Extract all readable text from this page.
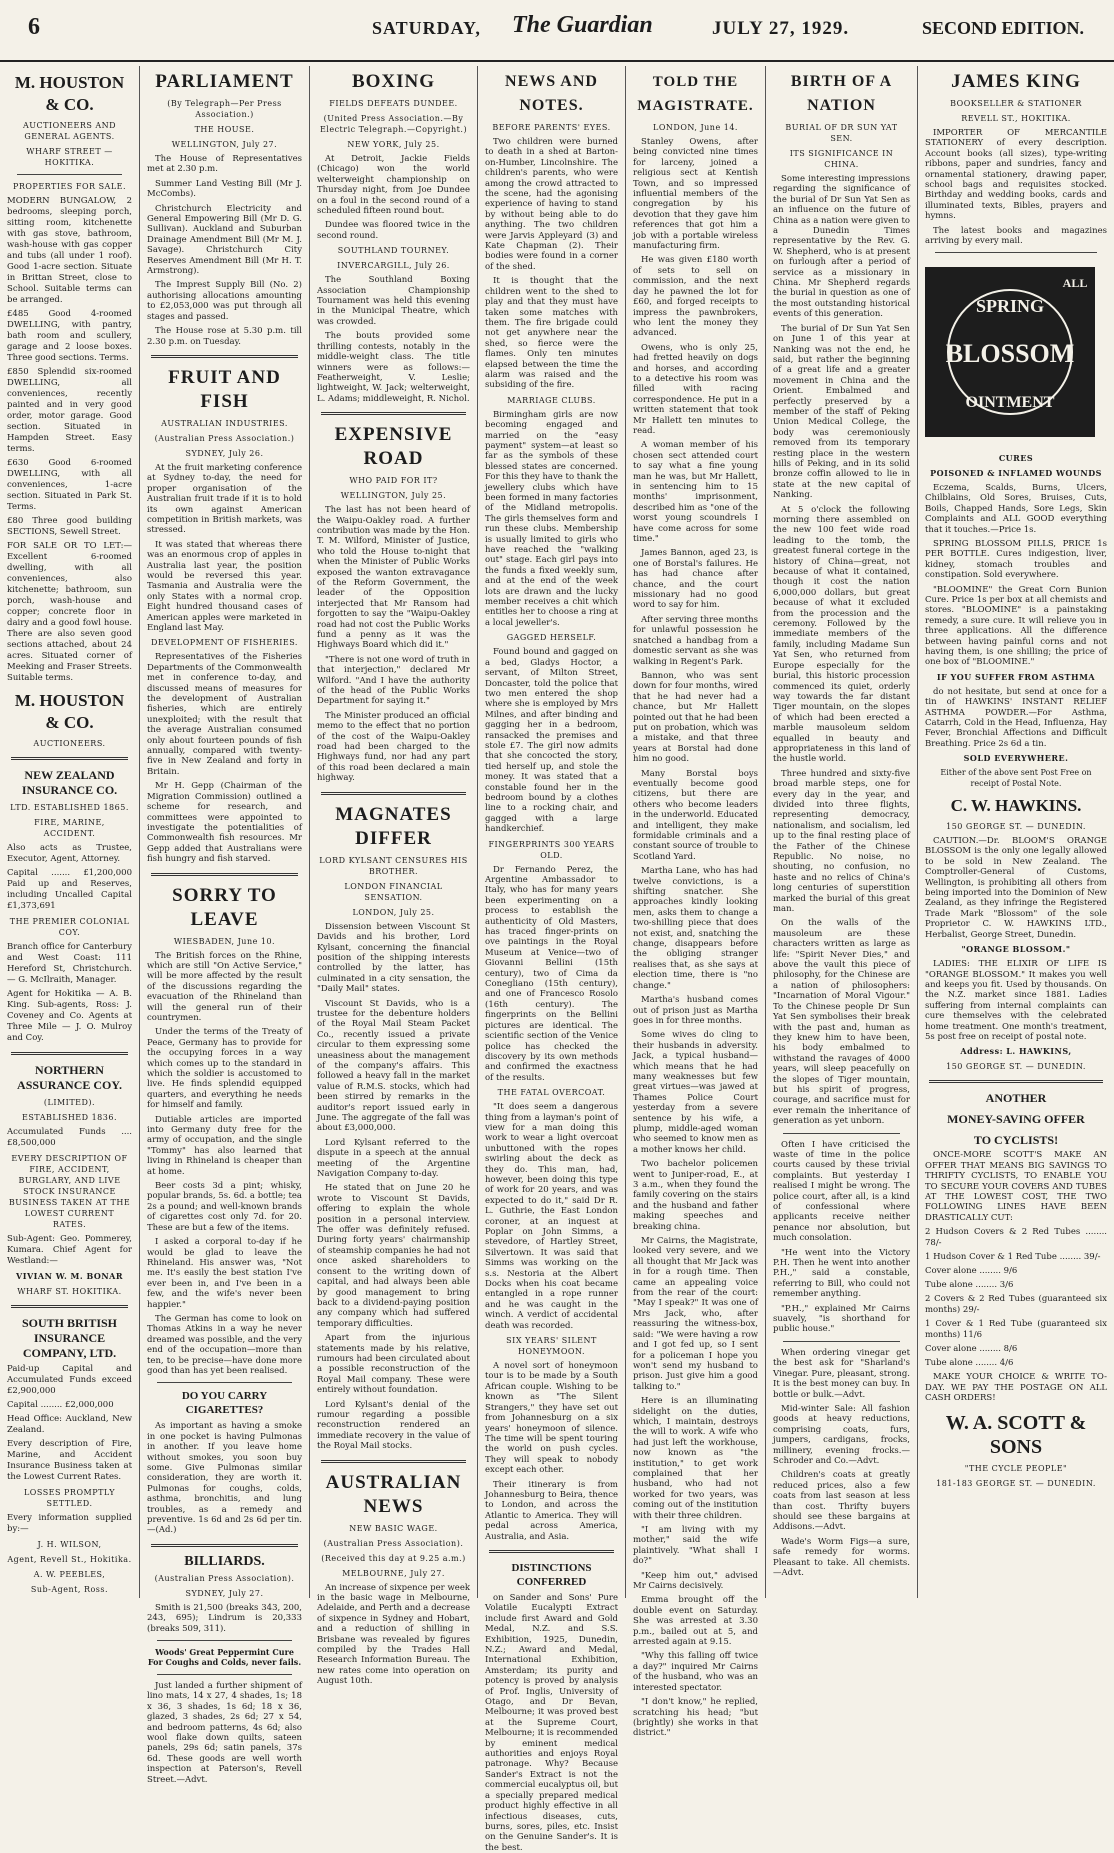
6	SATURDAY, The Guardian	JULY 27, 1929.	SECOND EDITION.
M. HOUSTON & CO.
AUCTIONEERS AND GENERAL AGENTS.
WHARF STREET — HOKITIKA.
PROPERTIES FOR SALE.
MODERN BUNGALOW, 2 bedrooms, sleeping porch, sitting room, kitchenette with gas stove, bathroom, wash-house with gas copper and tubs (all under 1 roof). Good 1-acre section. Situate in Brittan Street, close to School. Suitable terms can be arranged.
£485 Good 4-roomed DWELLING, with pantry, bath room and scullery, garage and 2 loose boxes. Three good sections. Terms.
£850 Splendid six-roomed DWELLING, all conveniences, recently painted and in very good order, motor garage. Good section. Situated in Hampden Street. Easy terms.
£630 Good 6-roomed DWELLING, with all conveniences, 1-acre section. Situated in Park St. Terms.
£80 Three good building SECTIONS, Sewell Street.
FOR SALE OR TO LET:—Excellent 6-roomed dwelling, with all conveniences, also kitchenette; bathroom, sun porch, wash-house and copper; concrete floor in dairy and a good fowl house. There are also seven good sections attached, about 24 acres. Situated corner of Meeking and Fraser Streets. Suitable terms.
M. HOUSTON & CO.
AUCTIONEERS.
NEW ZEALAND INSURANCE CO.
LTD. ESTABLISHED 1865.
FIRE, MARINE, ACCIDENT.
Also acts as Trustee, Executor, Agent, Attorney.
Capital ....... £1,200,000 Paid up and Reserves, including Uncalled Capital £1,373,691
THE PREMIER COLONIAL COY.
Branch office for Canterbury and West Coast: 111 Hereford St, Christchurch. — G. McIlraith, Manager.
Agent for Hokitika — A. B. King. Sub-agents, Ross: J. Coveney and Co. Agents at Three Mile — J. O. Mulroy and Coy.
NORTHERN ASSURANCE COY.
(LIMITED).
ESTABLISHED 1836.
Accumulated Funds .... £8,500,000
EVERY DESCRIPTION OF FIRE, ACCIDENT, BURGLARY, AND LIVE STOCK INSURANCE BUSINESS TAKEN AT THE LOWEST CURRENT RATES.
Sub-Agent: Geo. Pommerey, Kumara. Chief Agent for Westland:—
VIVIAN W. M. BONAR
WHARF ST. HOKITIKA.
SOUTH BRITISH INSURANCE COMPANY, LTD.
Paid-up Capital and Accumulated Funds exceed £2,900,000
Capital ........ £2,000,000
Head Office: Auckland, New Zealand.
Every description of Fire, Marine, and Accident Insurance Business taken at the Lowest Current Rates.
LOSSES PROMPTLY SETTLED.
Every information supplied by:—
J. H. WILSON,
Agent, Revell St., Hokitika.
A. W. PEEBLES,
Sub-Agent, Ross.
PARLIAMENT
(By Telegraph—Per Press Association.)
THE HOUSE.
WELLINGTON, July 27.

The House of Representatives met at 2.30 p.m.

Summer Land Vesting Bill (Mr J. McCombs).

Christchurch Electricity and General Empowering Bill (Mr D. G. Sullivan). Auckland and Suburban Drainage Amendment Bill (Mr M. J. Savage). Christchurch City Reserves Amendment Bill (Mr H. T. Armstrong).

The Imprest Supply Bill (No. 2) authorising allocations amounting to £2,053,000 was put through all stages and passed.

The House rose at 5.30 p.m. till 2.30 p.m. on Tuesday.

FRUIT AND FISH
AUSTRALIAN INDUSTRIES.
(Australian Press Association.)
SYDNEY, July 26.

At the fruit marketing conference at Sydney to-day, the need for proper organisation of the Australian fruit trade if it is to hold its own against American competition in British markets, was stressed.

It was stated that whereas there was an enormous crop of apples in Australia last year, the position would be reversed this year. Tasmania and Australia were the only States with a normal crop. Eight hundred thousand cases of American apples were marketed in England last May.

DEVELOPMENT OF FISHERIES.

Representatives of the Fisheries Departments of the Commonwealth met in conference to-day, and discussed means of measures for the development of Australian fisheries, which are entirely unexploited; with the result that the average Australian consumed only about fourteen pounds of fish annually, compared with twenty-five in New Zealand and forty in Britain.

Mr H. Gepp (Chairman of the Migration Commission) outlined a scheme for research, and committees were appointed to investigate the potentialities of Commonwealth fish resources. Mr Gepp added that Australians were fish hungry and fish starved.

SORRY TO LEAVE
WIESBADEN, June 10.

The British forces on the Rhine, which are still "On Active Service," will be more affected by the result of the discussions regarding the evacuation of the Rhineland than will the general run of their countrymen.

Under the terms of the Treaty of Peace, Germany has to provide for the occupying forces in a way which comes up to the standard in which the soldier is accustomed to live. He finds splendid equipped quarters, and everything he needs for himself and family.

Dutiable articles are imported into Germany duty free for the army of occupation, and the single "Tommy" has also learned that living in Rhineland is cheaper than at home.

Beer costs 3d a pint; whisky, popular brands, 5s. 6d. a bottle; tea 2s a pound; and well-known brands of cigarettes cost only 7d. for 20. These are but a few of the items.

I asked a corporal to-day if he would be glad to leave the Rhineland. His answer was, "Not me. It's easily the best station I've ever been in, and I've been in a few, and the wife's never been happier."

The German has come to look on Thomas Atkins in a way he never dreamed was possible, and the very end of the occupation—more than ten, to be precise—have done more good than has yet been realised.

DO YOU CARRY CIGARETTES?

As important as having a smoke in one pocket is having Pulmonas in another. If you leave home without smokes, you soon buy some. Give Pulmonas similar consideration, they are worth it. Pulmonas for coughs, colds, asthma, bronchitis, and lung troubles, as a remedy and preventive. 1s 6d and 2s 6d per tin.—(Ad.)

BILLIARDS.
(Australian Press Association).
SYDNEY, July 27.

Smith is 21,500 (breaks 343, 200, 243, 695); Lindrum is 20,333 (breaks 509, 311).

Woods' Great Peppermint Cure For Coughs and Colds, never fails.

Just landed a further shipment of lino mats, 14 x 27, 4 shades, 1s; 18 x 36, 3 shades, 1s 6d; 18 x 36, glazed, 3 shades, 2s 6d; 27 x 54, and bedroom patterns, 4s 6d; also wool flake down quilts, sateen panels, 29s 6d; satin panels, 37s 6d. These goods are well worth inspection at Paterson's, Revell Street.—Advt.

BOXING
FIELDS DEFEATS DUNDEE.
(United Press Association.—By Electric Telegraph.—Copyright.)
NEW YORK, July 25.

At Detroit, Jackie Fields (Chicago) won the world welterweight championship on Thursday night, from Joe Dundee on a foul in the second round of a scheduled fifteen round bout.

Dundee was floored twice in the second round.

SOUTHLAND TOURNEY.
INVERCARGILL, July 26.

The Southland Boxing Association Championship Tournament was held this evening in the Municipal Theatre, which was crowded.

The bouts provided some thrilling contests, notably in the middle-weight class. The title winners were as follows:—Featherweight, V. Leslie; lightweight, W. Jack; welterweight, L. Adams; middleweight, R. Nichol.

EXPENSIVE ROAD
WHO PAID FOR IT?
WELLINGTON, July 25.

The last has not been heard of the Waipu-Oakley road. A further contribution was made by the Hon. T. M. Wilford, Minister of Justice, who told the House to-night that when the Minister of Public Works exposed the wanton extravagance of the Reform Government, the leader of the Opposition interjected that Mr Ransom had forgotten to say the "Waipu-Oakley road had not cost the Public Works fund a penny as it was the Highways Board which did it."

"There is not one word of truth in that interjection," declared Mr Wilford. "And I have the authority of the head of the Public Works Department for saying it."

The Minister produced an official memo to the effect that no portion of the cost of the Waipu-Oakley road had been charged to the Highways fund, nor had any part of this road been declared a main highway.

MAGNATES DIFFER
LORD KYLSANT CENSURES HIS BROTHER.
LONDON FINANCIAL SENSATION.
LONDON, July 25.

Dissension between Viscount St Davids and his brother, Lord Kylsant, concerning the financial position of the shipping interests controlled by the latter, has culminated in a city sensation, the "Daily Mail" states.

Viscount St Davids, who is a trustee for the debenture holders of the Royal Mail Steam Packet Co., recently issued a private circular to them expressing some uneasiness about the management of the company's affairs. This followed a heavy fall in the market value of R.M.S. stocks, which had been stirred by remarks in the auditor's report issued early in June. The aggregate of the fall was about £3,000,000.

Lord Kylsant referred to the dispute in a speech at the annual meeting of the Argentine Navigation Company to-day.

He stated that on June 20 he wrote to Viscount St Davids, offering to explain the whole position in a personal interview. The offer was definitely refused. During forty years' chairmanship of steamship companies he had not once asked shareholders to consent to the writing down of capital, and had always been able by good management to bring back to a dividend-paying position any company which had suffered temporary difficulties.

Apart from the injurious statements made by his relative, rumours had been circulated about a possible reconstruction of the Royal Mail company. These were entirely without foundation.

Lord Kylsant's denial of the rumour regarding a possible reconstruction rendered an immediate recovery in the value of the Royal Mail stocks.

AUSTRALIAN NEWS
NEW BASIC WAGE.
(Australian Press Association).
(Received this day at 9.25 a.m.)
MELBOURNE, July 27.

An increase of sixpence per week in the basic wage in Melbourne, Adelaide, and Perth and a decrease of sixpence in Sydney and Hobart, and a reduction of shilling in Brisbane was revealed by figures compiled by the Trades Hall Research Information Bureau. The new rates come into operation on August 10th.

NEWS AND NOTES.
BEFORE PARENTS' EYES.

Two children were burned to death in a shed at Barton-on-Humber, Lincolnshire. The children's parents, who were among the crowd attracted to the scene, had the agonising experience of having to stand by without being able to do anything. The two children were Jarvis Appleyard (3) and Kate Chapman (2). Their bodies were found in a corner of the shed.

It is thought that the children went to the shed to play and that they must have taken some matches with them. The fire brigade could not get anywhere near the shed, so fierce were the flames. Only ten minutes elapsed between the time the alarm was raised and the subsiding of the fire.

MARRIAGE CLUBS.

Birmingham girls are now becoming engaged and married on the "easy payment" system—at least so far as the symbols of these blessed states are concerned. For this they have to thank the jewellery clubs which have been formed in many factories of the Midland metropolis. The girls themselves form and run these clubs. Membership is usually limited to girls who have reached the "walking out" stage. Each girl pays into the funds a fixed weekly sum, and at the end of the week lots are drawn and the lucky member receives a chit which entitles her to choose a ring at a local jeweller's.

GAGGED HERSELF.

Found bound and gagged on a bed, Gladys Hoctor, a servant, of Milton Street, Doncaster, told the police that two men entered the shop where she is employed by Mrs Milnes, and after binding and gagging her in a bedroom, ransacked the premises and stole £7. The girl now admits that she concocted the story, tied herself up, and stole the money. It was stated that a constable found her in the bedroom bound by a clothes line to a rocking chair, and gagged with a large handkerchief.

FINGERPRINTS 300 YEARS OLD.

Dr Fernando Perez, the Argentine Ambassador to Italy, who has for many years been experimenting on a process to establish the authenticity of Old Masters, has traced finger-prints on ove paintings in the Royal Museum at Venice—two of Giovanni Bellini (15th century), two of Cima da Conegliano (15th century), and one of Francesco Rosolo (16th century). The fingerprints on the Bellini pictures are identical. The scientific section of the Venice police has checked the discovery by its own methods and confirmed the exactness of the results.

THE FATAL OVERCOAT.

"It does seem a dangerous thing from a layman's point of view for a man doing this work to wear a light overcoat unbuttoned with the ropes swirling about the deck as they do. This man, had, however, been doing this type of work for 20 years, and was expected to do it," said Dr R. L. Guthrie, the East London coroner, at an inquest at Poplar on John Simms, a stevedore, of Hartley Street, Silvertown. It was said that Simms was working on the s.s. Nestoria at the Albert Docks when his coat became entangled in a rope runner and he was caught in the winch. A verdict of accidental death was recorded.

SIX YEARS' SILENT HONEYMOON.

A novel sort of honeymoon tour is to be made by a South African couple. Wishing to be known as "The Silent Strangers," they have set out from Johannesburg on a six years' honeymoon of silence. The time will be spent touring the world on push cycles. They will speak to nobody except each other.

Their itinerary is from Johannesburg to Beira, thence to London, and across the Atlantic to America. They will pedal across America, Australia, and Asia.

DISTINCTIONS CONFERRED

on Sander and Sons' Pure Volatile Eucalypti Extract include first Award and Gold Medal, N.Z. and S.S. Exhibition, 1925, Dunedin, N.Z.; Award and Medal, International Exhibition, Amsterdam; its purity and potency is proved by analysis of Prof. Inglis, University of Otago, and Dr Bevan, Melbourne; it was proved best at the Supreme Court, Melbourne; it is recommended by eminent medical authorities and enjoys Royal patronage. Why? Because Sander's Extract is not the commercial eucalyptus oil, but a specially prepared medical product highly effective in all infectious diseases, cuts, burns, sores, piles, etc. Insist on the Genuine Sander's. It is the best.

TOLD THE MAGISTRATE.
LONDON, June 14.

Stanley Owens, after being convicted nine times for larceny, joined a religious sect at Kentish Town, and so impressed influential members of the congregation by his devotion that they gave him references that got him a job with a portable wireless manufacturing firm.

He was given £180 worth of sets to sell on commission, and the next day he pawned the lot for £60, and forged receipts to impress the pawnbrokers, who lent the money they advanced.

Owens, who is only 25, had fretted heavily on dogs and horses, and according to a detective his room was filled with racing correspondence. He put in a written statement that took Mr Hallett ten minutes to read.

A woman member of his chosen sect attended court to say what a fine young man he was, but Mr Hallett, in sentencing him to 15 months' imprisonment, described him as "one of the worst young scoundrels I have come across for some time."

James Bannon, aged 23, is one of Borstal's failures. He has had chance after chance, and the court missionary had no good word to say for him.

After serving three months for unlawful possession he snatched a handbag from a domestic servant as she was walking in Regent's Park.

Bannon, who was sent down for four months, wired that he had never had a chance, but Mr Hallett pointed out that he had been put on probation, which was a mistake, and that three years at Borstal had done him no good.

Many Borstal boys eventually become good citizens, but there are others who become leaders in the underworld. Educated and intelligent, they make formidable criminals and a constant source of trouble to Scotland Yard.

Martha Lane, who has had twelve convictions, is a shifting snatcher. She approaches kindly looking men, asks them to change a two-shilling piece that does not exist, and, snatching the change, disappears before the obliging stranger realises that, as she says at election time, there is "no change."

Martha's husband comes out of prison just as Martha goes in for three months.

Some wives do cling to their husbands in adversity. Jack, a typical husband—which means that he had many weaknesses but few great virtues—was jawed at Thames Police Court yesterday from a severe sentence by his wife, a plump, middle-aged woman who seemed to know men as a mother knows her child.

Two bachelor policemen went to Juniper-road, E., at 3 a.m., when they found the family covering on the stairs and the husband and father making speeches and breaking china.

Mr Cairns, the Magistrate, looked very severe, and we all thought that Mr Jack was in for a rough time. Then came an appealing voice from the rear of the court: "May I speak?" It was one of Mrs Jack, who, after reassuring the witness-box, said: "We were having a row and I got fed up, so I sent for a policeman I hope you won't send my husband to prison. Just give him a good talking to."

Here is an illuminating sidelight on the duties, which, I maintain, destroys the will to work. A wife who had just left the workhouse, now known as "the institution," to get work complained that her husband, who had not worked for two years, was coming out of the institution with their three children.

"I am living with my mother," said the wife plaintively. "What shall I do?"

"Keep him out," advised Mr Cairns decisively.

Emma brought off the double event on Saturday. She was arrested at 3.30 p.m., bailed out at 5, and arrested again at 9.15.

"Why this falling off twice a day?" inquired Mr Cairns of the husband, who was an interested spectator.

"I don't know," he replied, scratching his head; "but (brightly) she works in that district."

BIRTH OF A NATION
BURIAL OF DR SUN YAT SEN.
ITS SIGNIFICANCE IN CHINA.

Some interesting impressions regarding the significance of the burial of Dr Sun Yat Sen as an influence on the future of China as a nation were given to a Dunedin Times representative by the Rev. G. W. Shepherd, who is at present on furlough after a period of service as a missionary in China. Mr Shepherd regards the burial in question as one of the most outstanding historical events of this generation.

The burial of Dr Sun Yat Sen on June 1 of this year at Nanking was not the end, he said, but rather the beginning of a great life and a greater movement in China and the Orient. Embalmed and perfectly preserved by a member of the staff of Peking Union Medical College, the body was ceremoniously removed from its temporary resting place in the western hills of Peking, and in its solid bronze coffin allowed to lie in state at the new capital of Nanking.

At 5 o'clock the following morning there assembled on the new 100 feet wide road leading to the tomb, the greatest funeral cortege in the history of China—great, not because of what it contained, though it cost the nation 6,000,000 dollars, but great because of what it excluded from the procession and the ceremony. Followed by the immediate members of the family, including Madame Sun Yat Sen, who returned from Europe especially for the burial, this historic procession commenced its quiet, orderly way towards the far distant Tiger mountain, on the slopes of which had been erected a marble mausoleum seldom equalled in beauty and appropriateness in this land of the hustle world.

Three hundred and sixty-five broad marble steps, one for every day in the year, and divided into three flights, representing democracy, nationalism, and socialism, led up to the final resting place of the Father of the Chinese Republic. No noise, no shouting, no confusion, no haste and no relics of China's long centuries of superstition marked the burial of this great man.

On the walls of the mausoleum are these characters written as large as life: "Spirit Never Dies," and above the vault this piece of philosophy, for the Chinese are a nation of philosophers: "Incarnation of Moral Vigour." To the Chinese people Dr Sun Yat Sen symbolises their break with the past and, human as they knew him to have been, his body embalmed to withstand the ravages of 4000 years, will sleep peacefully on the slopes of Tiger mountain, but his spirit of progress, courage, and sacrifice must for ever remain the inheritance of generation as yet unborn.

Often I have criticised the waste of time in the police courts caused by these trivial complaints. But yesterday I realised I might be wrong. The police court, after all, is a kind of confessional where applicants receive neither penance nor absolution, but much consolation.

"He went into the Victory P.H. Then he went into another P.H.," said a constable, referring to Bill, who could not remember anything.

"P.H.," explained Mr Cairns suavely, "is shorthand for public house."

When ordering vinegar get the best ask for "Sharland's Vinegar. Pure, pleasant, strong. It is the best money can buy. In bottle or bulk.—Advt.

Mid-winter Sale: All fashion goods at heavy reductions, comprising coats, furs, jumpers, cardigans, frocks, millinery, evening frocks.—Schroder and Co.—Advt.

Children's coats at greatly reduced prices, also a few coats from last season at less than cost. Thrifty buyers should see these bargains at Addisons.—Advt.

Wade's Worm Figs—a sure, safe remedy for worms. Pleasant to take. All chemists.—Advt.

JAMES KING
BOOKSELLER & STATIONER
REVELL ST., HOKITIKA.

IMPORTER OF MERCANTILE STATIONERY of every description. Account books (all sizes), type-writing ribbons, paper and sundries, fancy and ornamental stationery, drawing paper, school bags and requisites stocked. Birthday and wedding books, cards and illuminated texts, Bibles, prayers and hymns.

The latest books and magazines arriving by every mail.

SPRING
BLOSSOM
OINTMENT
ALL
CURES
POISONED & INFLAMED WOUNDS

Eczema, Scalds, Burns, Ulcers, Chilblains, Old Sores, Bruises, Cuts, Boils, Chapped Hands, Sore Legs, Skin Complaints and ALL GOOD everything that it touches.—Price 1s.

SPRING BLOSSOM PILLS, PRICE 1s PER BOTTLE. Cures indigestion, liver, kidney, stomach troubles and constipation. Sold everywhere.

"BLOOMINE" the Great Corn Bunion Cure. Price 1s per box at all chemists and stores. "BLOOMINE" is a painstaking remedy, a sure cure. It will relieve you in three applications. All the difference between having painful corns and not having them, is one shilling; the price of one box of "BLOOMINE."

IF YOU SUFFER FROM ASTHMA

do not hesitate, but send at once for a tin of HAWKINS' INSTANT RELIEF ASTHMA POWDER.—For Asthma, Catarrh, Cold in the Head, Influenza, Hay Fever, Bronchial Affections and Difficult Breathing. Price 2s 6d a tin.

SOLD EVERYWHERE.
Either of the above sent Post Free on receipt of Postal Note.
C. W. HAWKINS.
150 GEORGE ST. — DUNEDIN.

CAUTION.—Dr. BLOOM'S ORANGE BLOSSOM is the only one legally allowed to be sold in New Zealand. The Comptroller-General of Customs, Wellington, is prohibiting all others from being imported into the Dominion of New Zealand, as they infringe the Registered Trade Mark "Blossom" of the sole Proprietor C. W. HAWKINS LTD., Herbalist, George Street, Dunedin.

"ORANGE BLOSSOM."

LADIES: THE ELIXIR OF LIFE IS "ORANGE BLOSSOM." It makes you well and keeps you fit. Used by thousands. On the N.Z. market since 1881. Ladies suffering from internal complaints can cure themselves with the celebrated home treatment. One month's treatment, 5s post free on receipt of postal note.

Address: L. HAWKINS,
150 GEORGE ST. — DUNEDIN.
ANOTHER
MONEY-SAVING OFFER
TO CYCLISTS!

ONCE-MORE SCOTT'S MAKE AN OFFER THAT MEANS BIG SAVINGS TO THRIFTY CYCLISTS, TO ENABLE YOU TO SECURE YOUR COVERS AND TUBES AT THE LOWEST COST, THE TWO FOLLOWING LINES HAVE BEEN DRASTICALLY CUT:

2 Hudson Covers & 2 Red Tubes ........ 78/-
1 Hudson Cover & 1 Red Tube ........ 39/-
Cover alone ........ 9/6
Tube alone ........ 3/6
2 Covers & 2 Red Tubes (guaranteed six months) 29/-
1 Cover & 1 Red Tube (guaranteed six months) 11/6
Cover alone ........ 8/6
Tube alone ........ 4/6

MAKE YOUR CHOICE & WRITE TO-DAY. WE PAY THE POSTAGE ON ALL CASH ORDERS!

W. A. SCOTT & SONS
"THE CYCLE PEOPLE"
181-183 GEORGE ST. — DUNEDIN.
